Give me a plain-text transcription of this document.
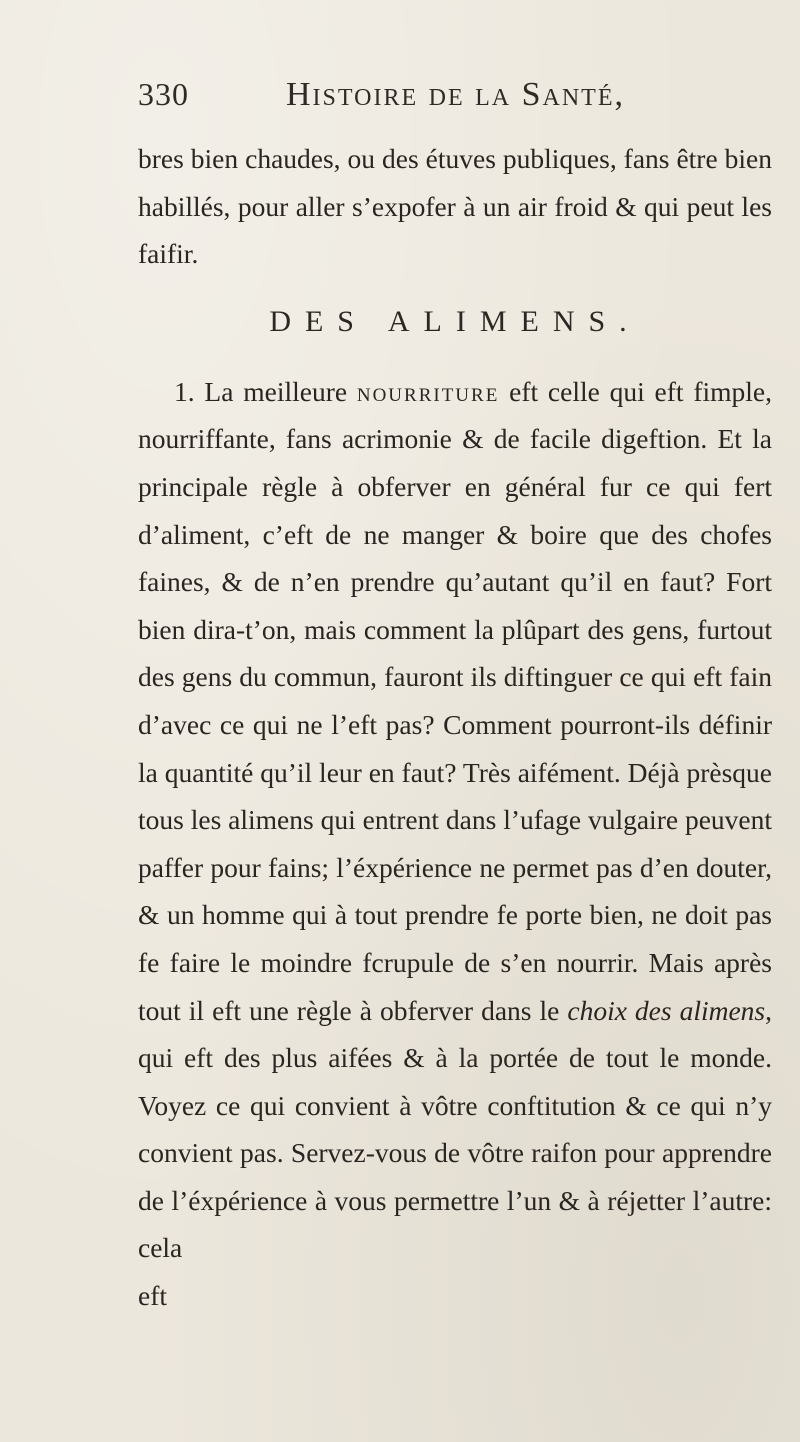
330	Histoire de la Santé,

bres bien chaudes, ou des étuves publiques, fans être bien habillés, pour aller s’expofer à un air froid & qui peut les faifir.

DES ALIMENS.

1. La meilleure nourriture eft celle qui eft fimple, nourriffante, fans acrimonie & de facile digeftion. Et la principale règle à obferver en général fur ce qui fert d’aliment, c’eft de ne manger & boire que des chofes faines, & de n’en prendre qu’autant qu’il en faut? Fort bien dira-t’on, mais comment la plûpart des gens, furtout des gens du commun, fauront ils diftinguer ce qui eft fain d’avec ce qui ne l’eft pas? Comment pourront-ils définir la quantité qu’il leur en faut? Très aifément. Déjà prèsque tous les alimens qui entrent dans l’ufage vulgaire peuvent paffer pour fains; l’éxpérience ne permet pas d’en douter, & un homme qui à tout prendre fe porte bien, ne doit pas fe faire le moindre fcrupule de s’en nourrir. Mais après tout il eft une règle à obferver dans le choix des alimens, qui eft des plus aifées & à la portée de tout le monde. Voyez ce qui convient à vôtre conftitution & ce qui n’y convient pas. Servez-vous de vôtre raifon pour apprendre de l’éxpérience à vous permettre l’un & à réjetter l’autre: cela

eft
